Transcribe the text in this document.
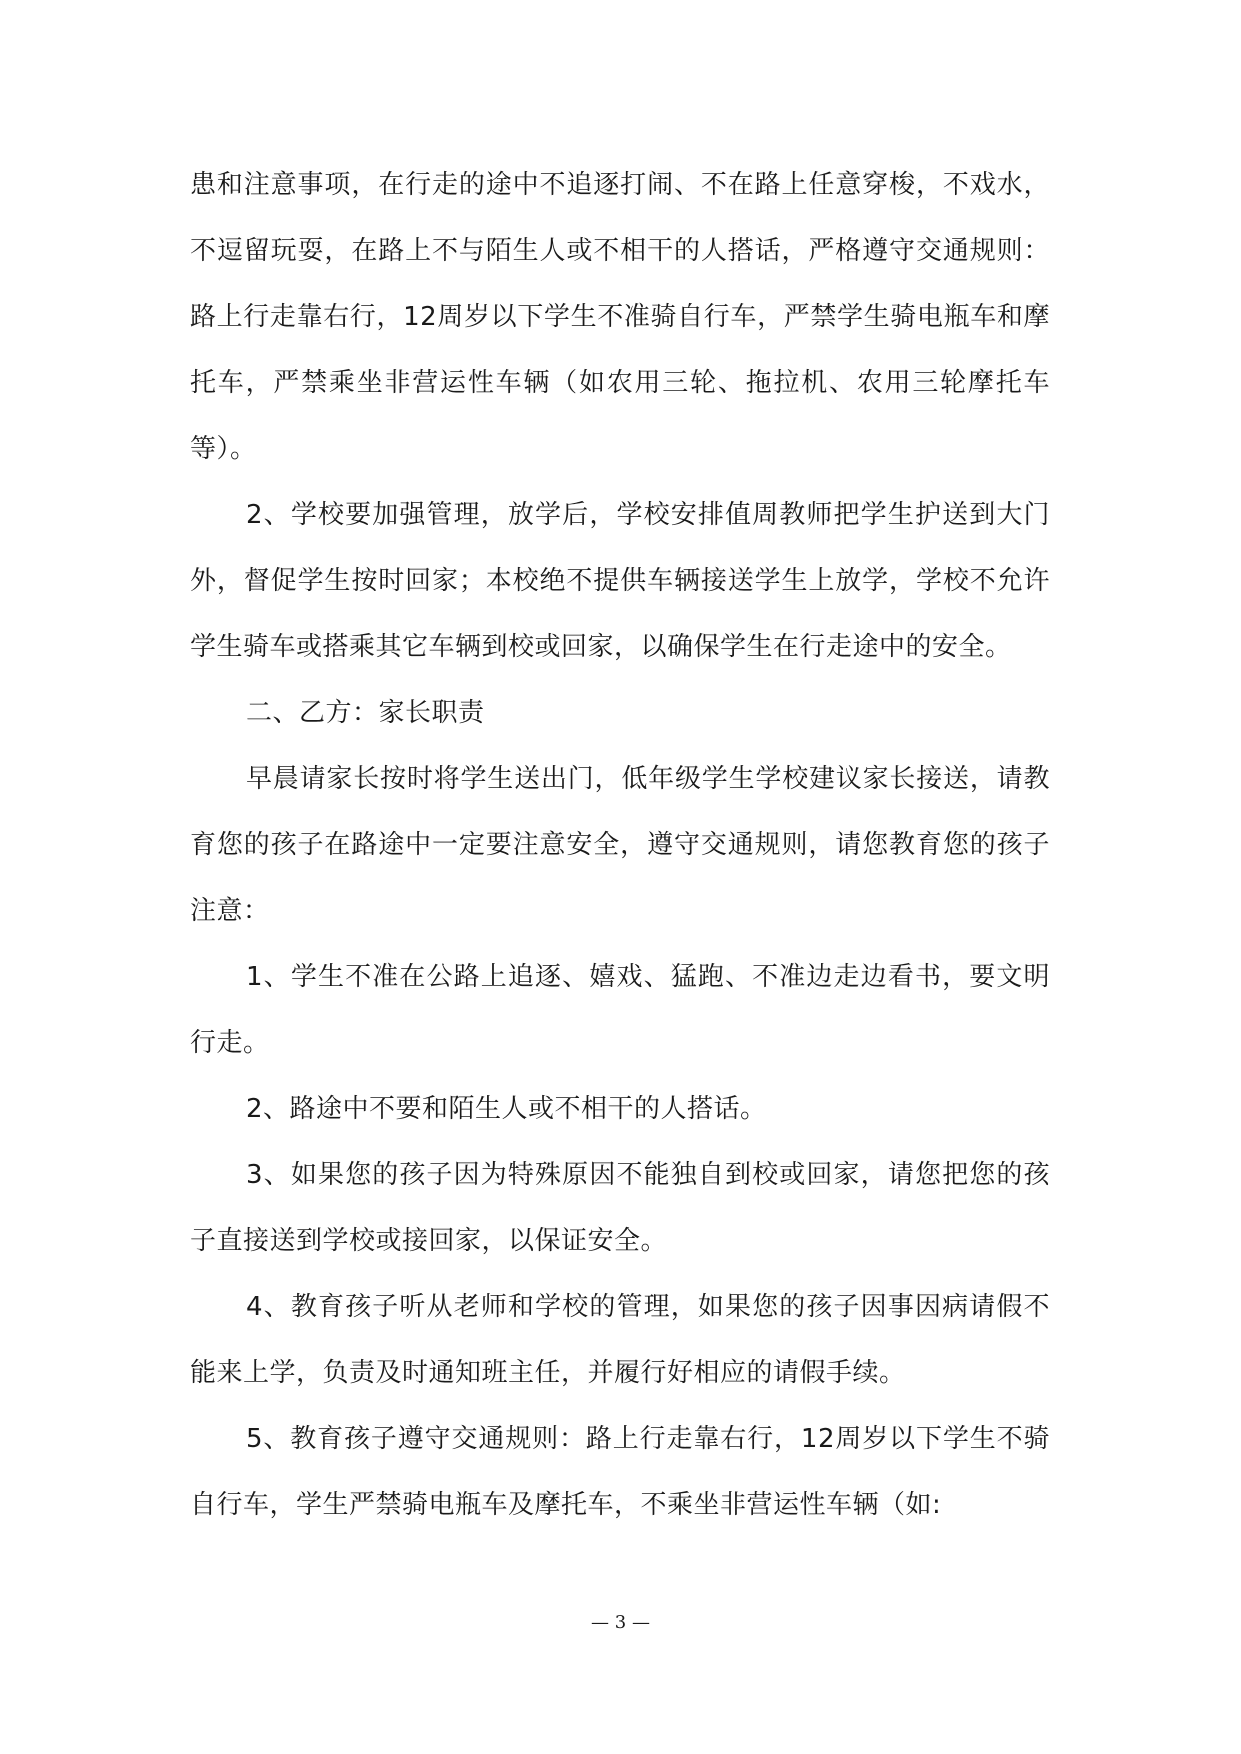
患和注意事项，在行走的途中不追逐打闹、不在路上任意穿梭，不戏水，不逗留玩耍，在路上不与陌生人或不相干的人搭话，严格遵守交通规则：路上行走靠右行，12周岁以下学生不准骑自行车，严禁学生骑电瓶车和摩托车，严禁乘坐非营运性车辆（如农用三轮、拖拉机、农用三轮摩托车等）。

2、学校要加强管理，放学后，学校安排值周教师把学生护送到大门外，督促学生按时回家；本校绝不提供车辆接送学生上放学，学校不允许学生骑车或搭乘其它车辆到校或回家，以确保学生在行走途中的安全。

二、乙方：家长职责

早晨请家长按时将学生送出门，低年级学生学校建议家长接送，请教育您的孩子在路途中一定要注意安全，遵守交通规则，请您教育您的孩子注意：

1、学生不准在公路上追逐、嬉戏、猛跑、不准边走边看书，要文明行走。

2、路途中不要和陌生人或不相干的人搭话。

3、如果您的孩子因为特殊原因不能独自到校或回家，请您把您的孩子直接送到学校或接回家，以保证安全。

4、教育孩子听从老师和学校的管理，如果您的孩子因事因病请假不能来上学，负责及时通知班主任，并履行好相应的请假手续。

5、教育孩子遵守交通规则：路上行走靠右行，12周岁以下学生不骑自行车，学生严禁骑电瓶车及摩托车，不乘坐非营运性车辆（如:

— 3 —
